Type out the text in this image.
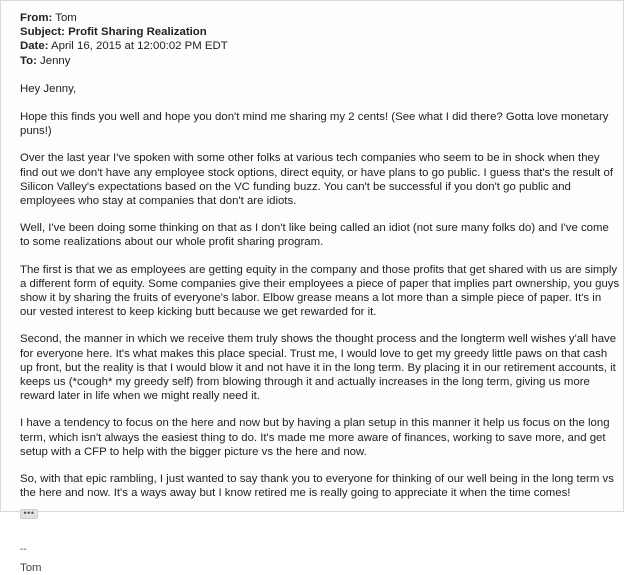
From: Tom
Subject: Profit Sharing Realization
Date: April 16, 2015 at 12:00:02 PM EDT
To: Jenny
Hey Jenny,

Hope this finds you well and hope you don't mind me sharing my 2 cents! (See what I did there? Gotta love monetary puns!)

Over the last year I've spoken with some other folks at various tech companies who seem to be in shock when they find out we don't have any employee stock options, direct equity, or have plans to go public. I guess that's the result of Silicon Valley's expectations based on the VC funding buzz. You can't be successful if you don't go public and employees who stay at companies that don't are idiots.

Well, I've been doing some thinking on that as I don't like being called an idiot (not sure many folks do) and I've come to some realizations about our whole profit sharing program.

The first is that we as employees are getting equity in the company and those profits that get shared with us are simply a different form of equity. Some companies give their employees a piece of paper that implies part ownership, you guys show it by sharing the fruits of everyone's labor. Elbow grease means a lot more than a simple piece of paper. It's in our vested interest to keep kicking butt because we get rewarded for it.

Second, the manner in which we receive them truly shows the thought process and the longterm well wishes y'all have for everyone here. It's what makes this place special. Trust me, I would love to get my greedy little paws on that cash up front, but the reality is that I would blow it and not have it in the long term. By placing it in our retirement accounts, it keeps us (*cough* my greedy self) from blowing through it and actually increases in the long term, giving us more reward later in life when we might really need it.

I have a tendency to focus on the here and now but by having a plan setup in this manner it help us focus on the long term, which isn't always the easiest thing to do. It's made me more aware of finances, working to save more, and get setup with a CFP to help with the bigger picture vs the here and now.

So, with that epic rambling, I just wanted to say thank you to everyone for thinking of our well being in the long term vs the here and now. It's a ways away but I know retired me is really going to appreciate it when the time comes!

•••
--
Tom
